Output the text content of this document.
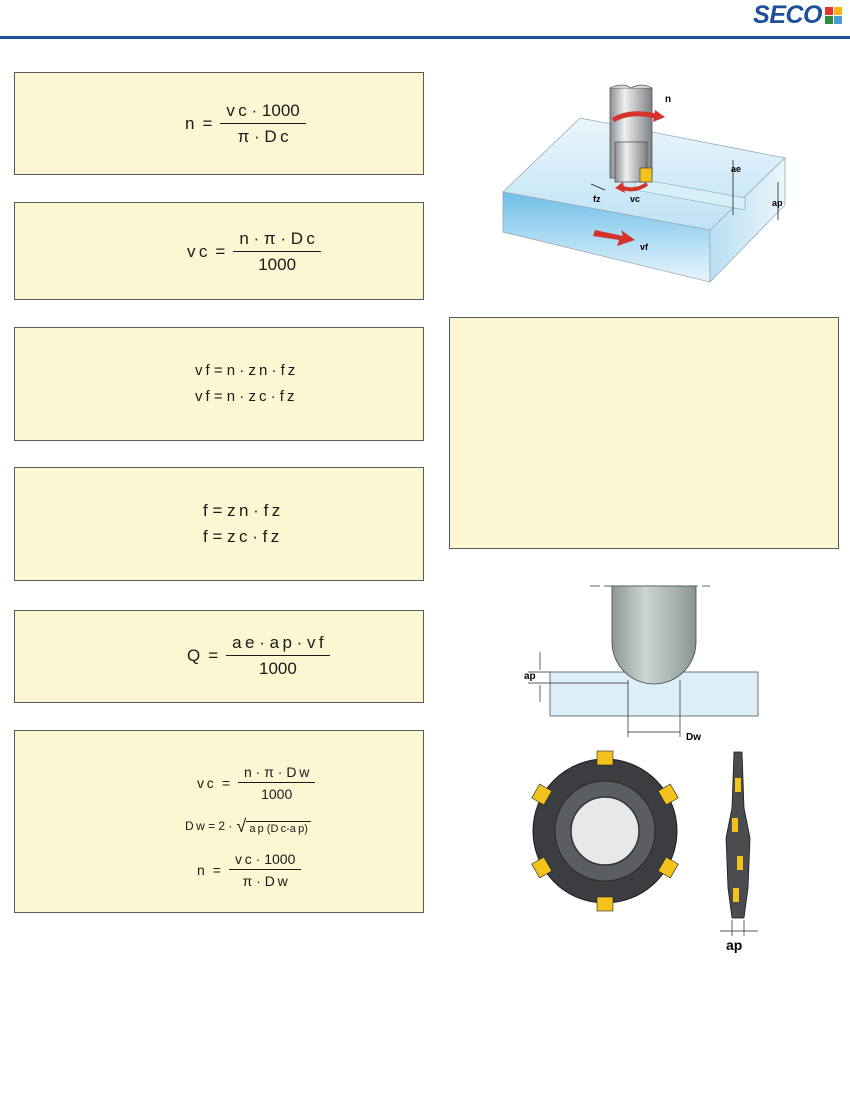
SECO
$n = \frac{\text{v c · 1000}}{\text{π · D c}}$
v $c = \frac{\text{n · π · D c}}{1000}$
v f = n · z n · f z
v f = n · z c · f z
f = z n · f z
f = z c · f z
$Q = \frac{\text{a e · a p · v f}}{1000}$
v $c = \frac{\text{n · π · D w}}{1000}$
D w = 2 · √ a p (D c-a p)
$n = \frac{\text{v c · 1000}}{\text{π · D w}}$
n
ae
ap
fz	vc
vf
ap
Dw
ap
